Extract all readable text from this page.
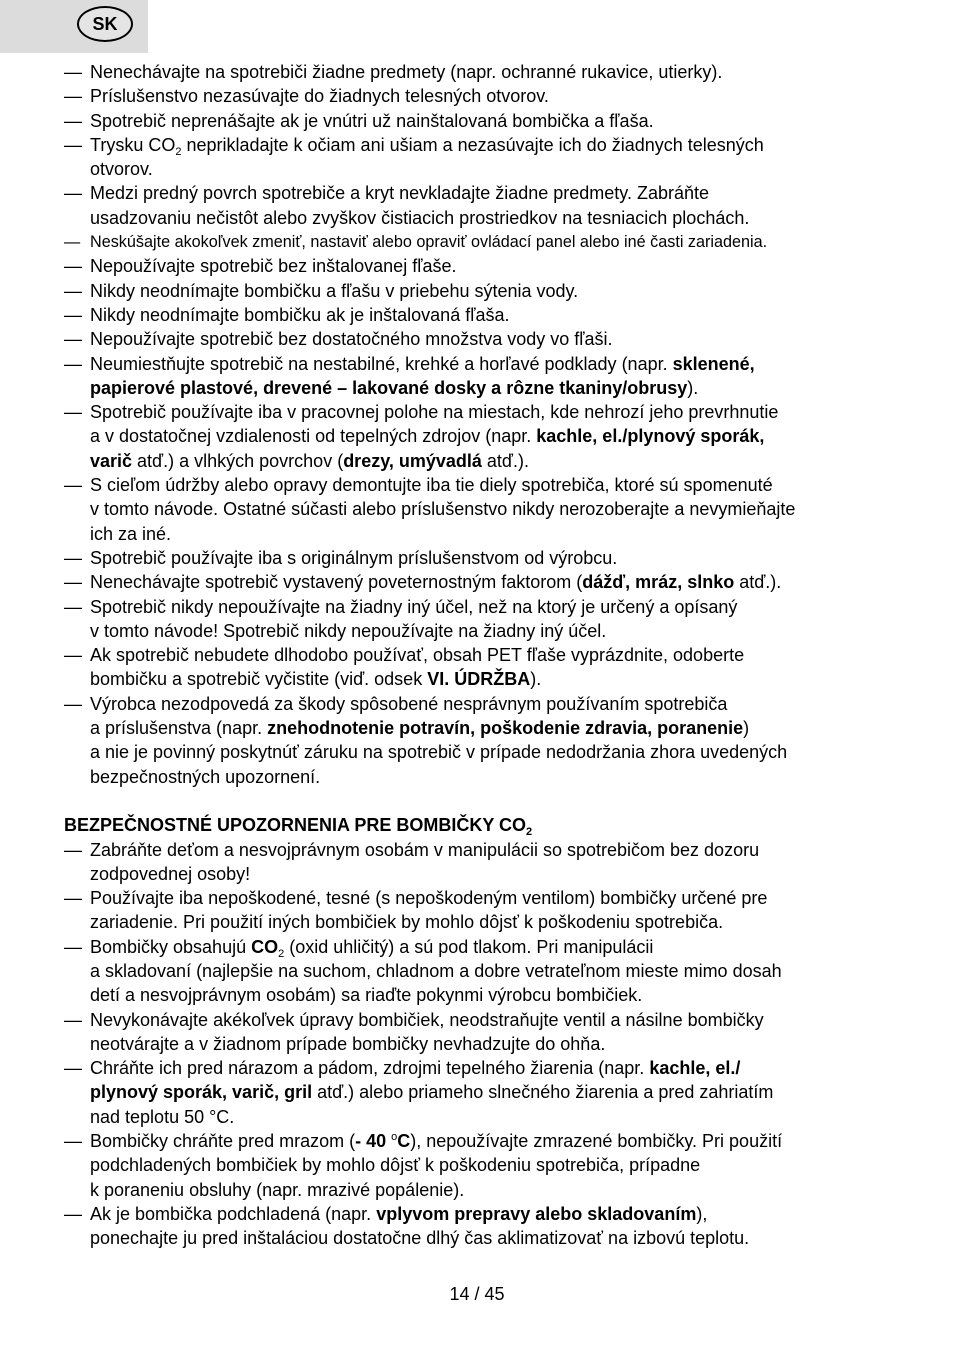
SK
— Nenechávajte na spotrebiči žiadne predmety (napr. ochranné rukavice, utierky).
— Príslušenstvo nezasúvajte do žiadnych telesných otvorov.
— Spotrebič neprenášajte ak je vnútri už nainštalovaná bombička a fľaša.
— Trysku $CO_2$ neprikladajte k očiam ani ušiam a nezasúvajte ich do žiadnych telesných
otvorov.
— Medzi predný povrch spotrebiče a kryt nevkladajte žiadne predmety. Zabráňte
usadzovaniu nečistôt alebo zvyškov čistiacich prostriedkov na tesniacich plochách.
— Neskúšajte akokoľvek zmeniť, nastaviť alebo opraviť ovládací panel alebo iné časti zariadenia.
— Nepoužívajte spotrebič bez inštalovanej fľaše.
— Nikdy neodnímajte bombičku a fľašu v priebehu sýtenia vody.
— Nikdy neodnímajte bombičku ak je inštalovaná fľaša.
— Nepoužívajte spotrebič bez dostatočného množstva vody vo fľaši.
— Neumiestňujte spotrebič na nestabilné, krehké a horľavé podklady (napr. sklenené,
papierové plastové, drevené – lakované dosky a rôzne tkaniny/obrusy).
— Spotrebič používajte iba v pracovnej polohe na miestach, kde nehrozí jeho prevrhnutie
a v dostatočnej vzdialenosti od tepelných zdrojov (napr. kachle, el./plynový sporák,
varič atď.) a vlhkých povrchov (drezy, umývadlá atď.).
— S cieľom údržby alebo opravy demontujte iba tie diely spotrebiča, ktoré sú spomenuté
v tomto návode. Ostatné súčasti alebo príslušenstvo nikdy nerozoberajte a nevymieňajte
ich za iné.
— Spotrebič používajte iba s originálnym príslušenstvom od výrobcu.
— Nenechávajte spotrebič vystavený poveternostným faktorom (dážď, mráz, slnko atď.).
— Spotrebič nikdy nepoužívajte na žiadny iný účel, než na ktorý je určený a opísaný
v tomto návode! Spotrebič nikdy nepoužívajte na žiadny iný účel.
— Ak spotrebič nebudete dlhodobo používať, obsah PET fľaše vyprázdnite, odoberte
bombičku a spotrebič vyčistite (viď. odsek VI. ÚDRŽBA).
— Výrobca nezodpovedá za škody spôsobené nesprávnym používaním spotrebiča
a príslušenstva (napr. znehodnotenie potravín, poškodenie zdravia, poranenie)
a nie je povinný poskytnúť záruku na spotrebič v prípade nedodržania zhora uvedených
bezpečnostných upozornení.
BEZPEČNOSTNÉ UPOZORNENIA PRE BOMBIČKY $CO_2$
— Zabráňte deťom a nesvojprávnym osobám v manipulácii so spotrebičom bez dozoru
zodpovednej osoby!
— Používajte iba nepoškodené, tesné (s nepoškodeným ventilom) bombičky určené pre
zariadenie. Pri použití iných bombičiek by mohlo dôjsť k poškodeniu spotrebiča.
— Bombičky obsahujú $CO_2$ (oxid uhličitý) a sú pod tlakom. Pri manipulácii
a skladovaní (najlepšie na suchom, chladnom a dobre vetrateľnom mieste mimo dosah
detí a nesvojprávnym osobám) sa riaďte pokynmi výrobcu bombičiek.
— Nevykonávajte akékoľvek úpravy bombičiek, neodstraňujte ventil a násilne bombičky
neotvárajte a v žiadnom prípade bombičky nevhadzujte do ohňa.
— Chráňte ich pred nárazom a pádom, zdrojmi tepelného žiarenia (napr. kachle, el./
plynový sporák, varič, gril atď.) alebo priameho slnečného žiarenia a pred zahriatím
nad teplotu 50 °C.
— Bombičky chráňte pred mrazom (- 40 $^o$C), nepoužívajte zmrazené bombičky. Pri použití
podchladených bombičiek by mohlo dôjsť k poškodeniu spotrebiča, prípadne
k poraneniu obsluhy (napr. mrazivé popálenie).
— Ak je bombička podchladená (napr. vplyvom prepravy alebo skladovaním),
ponechajte ju pred inštaláciou dostatočne dlhý čas aklimatizovať na izbovú teplotu.
14 / 45
